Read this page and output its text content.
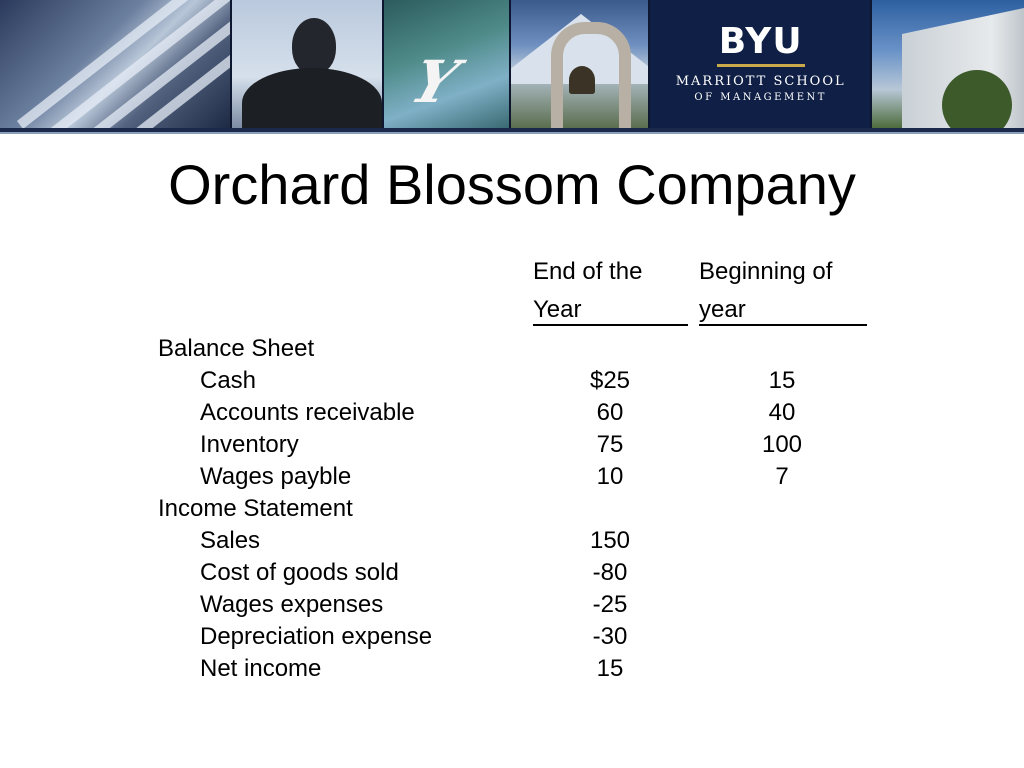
Y
BYU
MARRIOTT SCHOOL
OF MANAGEMENT
Orchard Blossom Company
End of the
Year
Beginning of
year
Balance Sheet
Cash	$25	15
Accounts receivable	60	40
Inventory	75	100
Wages payble	10	7
Income Statement
Sales	150
Cost of goods sold	-80
Wages expenses	-25
Depreciation expense	-30
Net income	15
